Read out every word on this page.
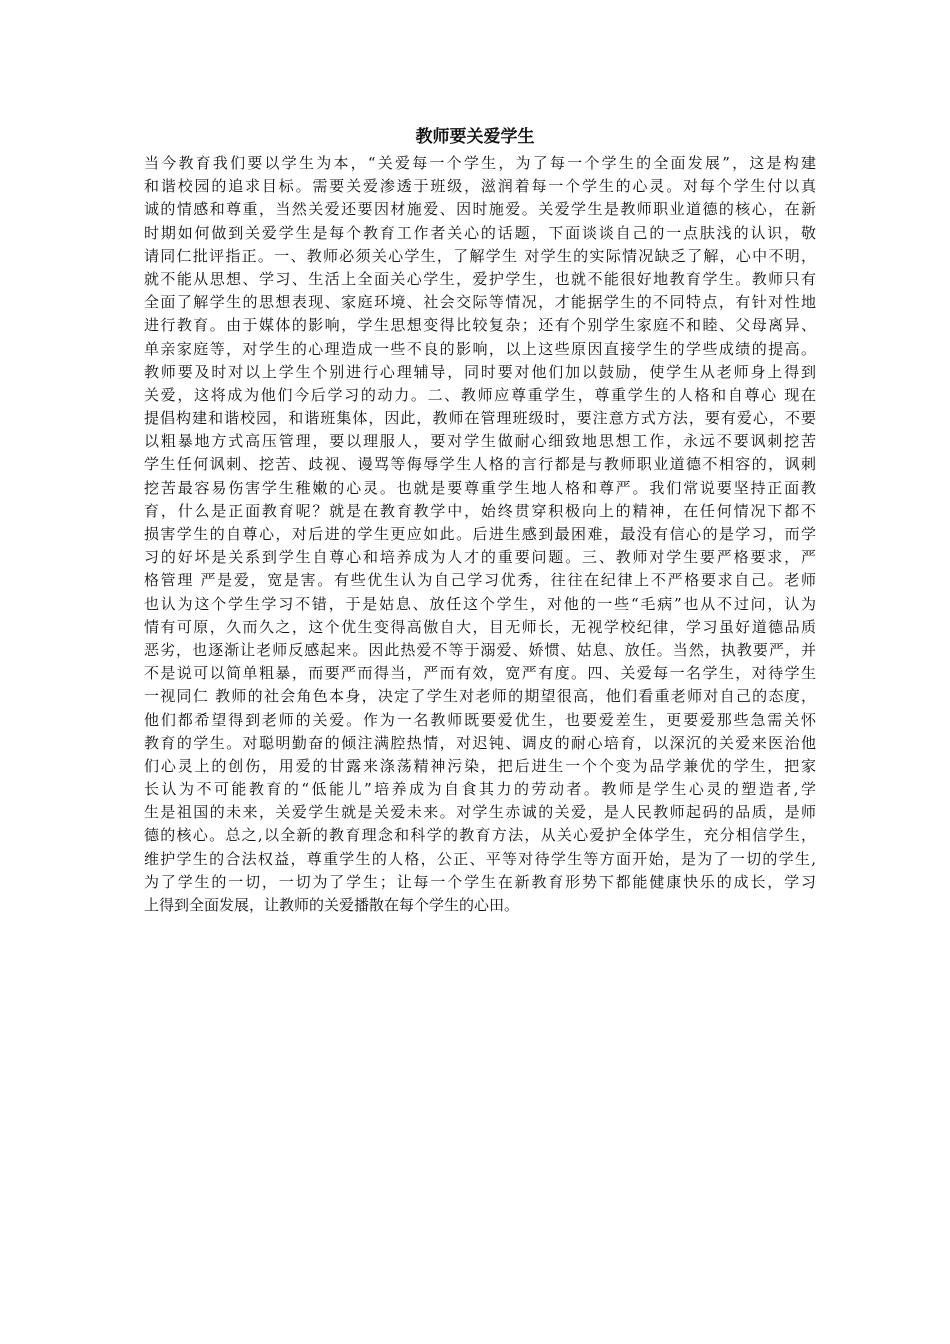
教师要关爱学生
当今教育我们要以学生为本，“关爱每一个学生，为了每一个学生的全面发展”，这是构建
和谐校园的追求目标。需要关爱渗透于班级，滋润着每一个学生的心灵。对每个学生付以真
诚的情感和尊重，当然关爱还要因材施爱、因时施爱。关爱学生是教师职业道德的核心，在新
时期如何做到关爱学生是每个教育工作者关心的话题，下面谈谈自己的一点肤浅的认识，敬
请同仁批评指正。一、教师必须关心学生，了解学生 对学生的实际情况缺乏了解，心中不明，
就不能从思想、学习、生活上全面关心学生，爱护学生，也就不能很好地教育学生。教师只有
全面了解学生的思想表现、家庭环境、社会交际等情况，才能据学生的不同特点，有针对性地
进行教育。由于媒体的影响，学生思想变得比较复杂；还有个别学生家庭不和睦、父母离异、
单亲家庭等，对学生的心理造成一些不良的影响，以上这些原因直接学生的学些成绩的提高。
教师要及时对以上学生个别进行心理辅导，同时要对他们加以鼓励，使学生从老师身上得到
关爱，这将成为他们今后学习的动力。二、教师应尊重学生，尊重学生的人格和自尊心 现在
提倡构建和谐校园，和谐班集体，因此，教师在管理班级时，要注意方式方法，要有爱心，不要
以粗暴地方式高压管理，要以理服人，要对学生做耐心细致地思想工作，永远不要讽刺挖苦
学生任何讽刺、挖苦、歧视、谩骂等侮辱学生人格的言行都是与教师职业道德不相容的，讽刺
挖苦最容易伤害学生稚嫩的心灵。也就是要尊重学生地人格和尊严。我们常说要坚持正面教
育，什么是正面教育呢？就是在教育教学中，始终贯穿积极向上的精神，在任何情况下都不
损害学生的自尊心，对后进的学生更应如此。后进生感到最困难，最没有信心的是学习，而学
习的好坏是关系到学生自尊心和培养成为人才的重要问题。三、教师对学生要严格要求，严
格管理 严是爱，宽是害。有些优生认为自己学习优秀，往往在纪律上不严格要求自己。老师
也认为这个学生学习不错，于是姑息、放任这个学生，对他的一些“毛病”也从不过问，认为
情有可原，久而久之，这个优生变得高傲自大，目无师长，无视学校纪律，学习虽好道德品质
恶劣，也逐渐让老师反感起来。因此热爱不等于溺爱、娇惯、姑息、放任。当然，执教要严，并
不是说可以简单粗暴，而要严而得当，严而有效，宽严有度。四、关爱每一名学生，对待学生
一视同仁 教师的社会角色本身，决定了学生对老师的期望很高，他们看重老师对自己的态度，
他们都希望得到老师的关爱。作为一名教师既要爱优生，也要爱差生，更要爱那些急需关怀
教育的学生。对聪明勤奋的倾注满腔热情，对迟钝、调皮的耐心培育，以深沉的关爱来医治他
们心灵上的创伤，用爱的甘露来涤荡精神污染，把后进生一个个变为品学兼优的学生，把家
长认为不可能教育的“低能儿”培养成为自食其力的劳动者。教师是学生心灵的塑造者,学
生是祖国的未来，关爱学生就是关爱未来。对学生赤诚的关爱，是人民教师起码的品质，是师
德的核心。总之,以全新的教育理念和科学的教育方法，从关心爱护全体学生，充分相信学生，
维护学生的合法权益，尊重学生的人格，公正、平等对待学生等方面开始，是为了一切的学生,
为了学生的一切，一切为了学生；让每一个学生在新教育形势下都能健康快乐的成长，学习
上得到全面发展，让教师的关爱播散在每个学生的心田。
